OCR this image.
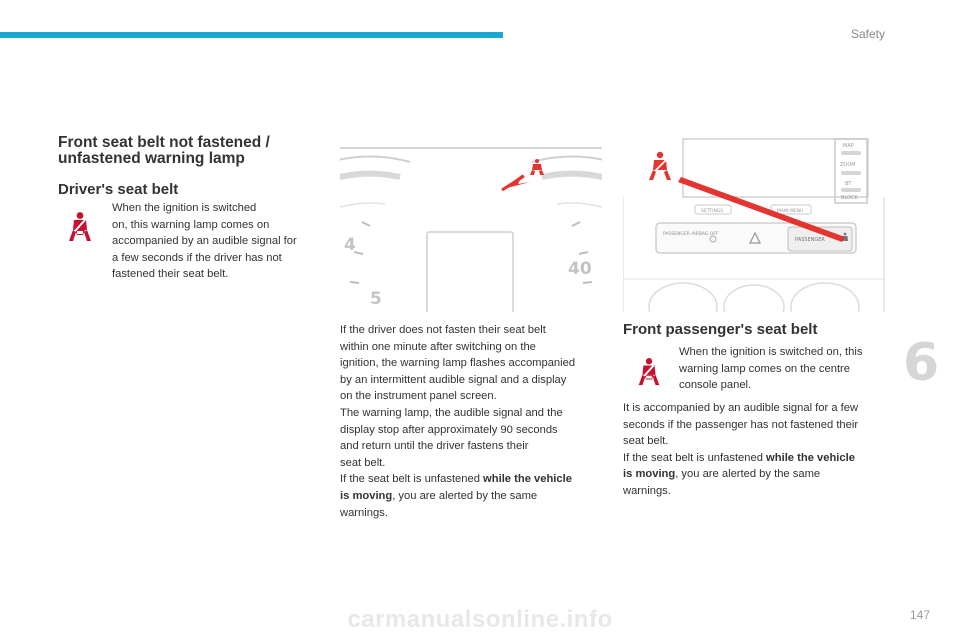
Safety
6
147
Front seat belt not fastened /
unfastened warning lamp
Driver's seat belt
When the ignition is switched
on, this warning lamp comes on
accompanied by an audible signal for
a few seconds if the driver has not
fastened their seat belt.
4
5
40
If the driver does not fasten their seat belt
within one minute after switching on the
ignition, the warning lamp flashes accompanied
by an intermittent audible signal and a display
on the instrument panel screen.
The warning lamp, the audible signal and the
display stop after approximately 90 seconds
and return until the driver fastens their
seat belt.
If the seat belt is unfastened while the vehicle
is moving, you are alerted by the same
warnings.
MAP
ZOOM
BT
BLOCK
SETTINGS	MAIN MENU
PASSENGER AIRBAG OFF
PASSENGER
Front passenger's seat belt
When the ignition is switched on, this
warning lamp comes on the centre
console panel.
It is accompanied by an audible signal for a few
seconds if the passenger has not fastened their
seat belt.
If the seat belt is unfastened while the vehicle
is moving, you are alerted by the same
warnings.
carmanualsonline.info
